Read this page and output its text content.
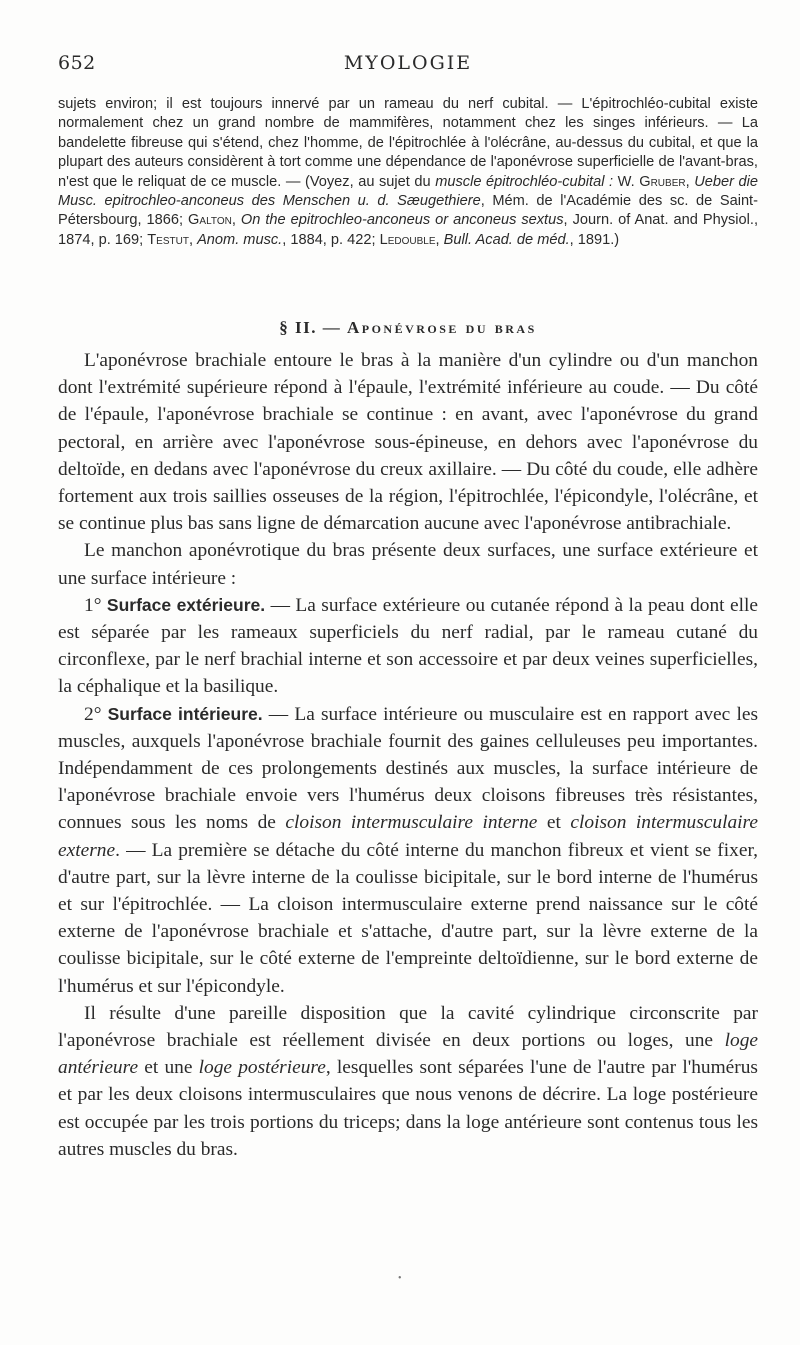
652	MYOLOGIE

sujets environ; il est toujours innervé par un rameau du nerf cubital. — L'épitrochléo-cubital existe normalement chez un grand nombre de mammifères, notamment chez les singes inférieurs. — La bandelette fibreuse qui s'étend, chez l'homme, de l'épitrochlée à l'olécrâne, au-dessus du cubital, et que la plupart des auteurs considèrent à tort comme une dépendance de l'aponévrose superficielle de l'avant-bras, n'est que le reliquat de ce muscle. — (Voyez, au sujet du muscle épitrochléo-cubital : W. Gruber, Ueber die Musc. epitrochleo-anconeus des Menschen u. d. Sæugethiere, Mém. de l'Académie des sc. de Saint-Pétersbourg, 1866; Galton, On the epitrochleo-anconeus or anconeus sextus, Journ. of Anat. and Physiol., 1874, p. 169; Testut, Anom. musc., 1884, p. 422; Ledouble, Bull. Acad. de méd., 1891.)

§ II. — Aponévrose du bras

L'aponévrose brachiale entoure le bras à la manière d'un cylindre ou d'un manchon dont l'extrémité supérieure répond à l'épaule, l'extrémité inférieure au coude. — Du côté de l'épaule, l'aponévrose brachiale se continue : en avant, avec l'aponévrose du grand pectoral, en arrière avec l'aponévrose sous-épineuse, en dehors avec l'aponévrose du deltoïde, en dedans avec l'aponévrose du creux axillaire. — Du côté du coude, elle adhère fortement aux trois saillies osseuses de la région, l'épitrochlée, l'épicondyle, l'olécrâne, et se continue plus bas sans ligne de démarcation aucune avec l'aponévrose antibrachiale.

Le manchon aponévrotique du bras présente deux surfaces, une surface extérieure et une surface intérieure :

1° Surface extérieure. — La surface extérieure ou cutanée répond à la peau dont elle est séparée par les rameaux superficiels du nerf radial, par le rameau cutané du circonflexe, par le nerf brachial interne et son accessoire et par deux veines superficielles, la céphalique et la basilique.

2° Surface intérieure. — La surface intérieure ou musculaire est en rapport avec les muscles, auxquels l'aponévrose brachiale fournit des gaines celluleuses peu importantes. Indépendamment de ces prolongements destinés aux muscles, la surface intérieure de l'aponévrose brachiale envoie vers l'humérus deux cloisons fibreuses très résistantes, connues sous les noms de cloison intermusculaire interne et cloison intermusculaire externe. — La première se détache du côté interne du manchon fibreux et vient se fixer, d'autre part, sur la lèvre interne de la coulisse bicipitale, sur le bord interne de l'humérus et sur l'épitrochlée. — La cloison intermusculaire externe prend naissance sur le côté externe de l'aponévrose brachiale et s'attache, d'autre part, sur la lèvre externe de la coulisse bicipitale, sur le côté externe de l'empreinte deltoïdienne, sur le bord externe de l'humérus et sur l'épicondyle.

Il résulte d'une pareille disposition que la cavité cylindrique circonscrite par l'aponévrose brachiale est réellement divisée en deux portions ou loges, une loge antérieure et une loge postérieure, lesquelles sont séparées l'une de l'autre par l'humérus et par les deux cloisons intermusculaires que nous venons de décrire. La loge postérieure est occupée par les trois portions du triceps; dans la loge antérieure sont contenus tous les autres muscles du bras.

•
